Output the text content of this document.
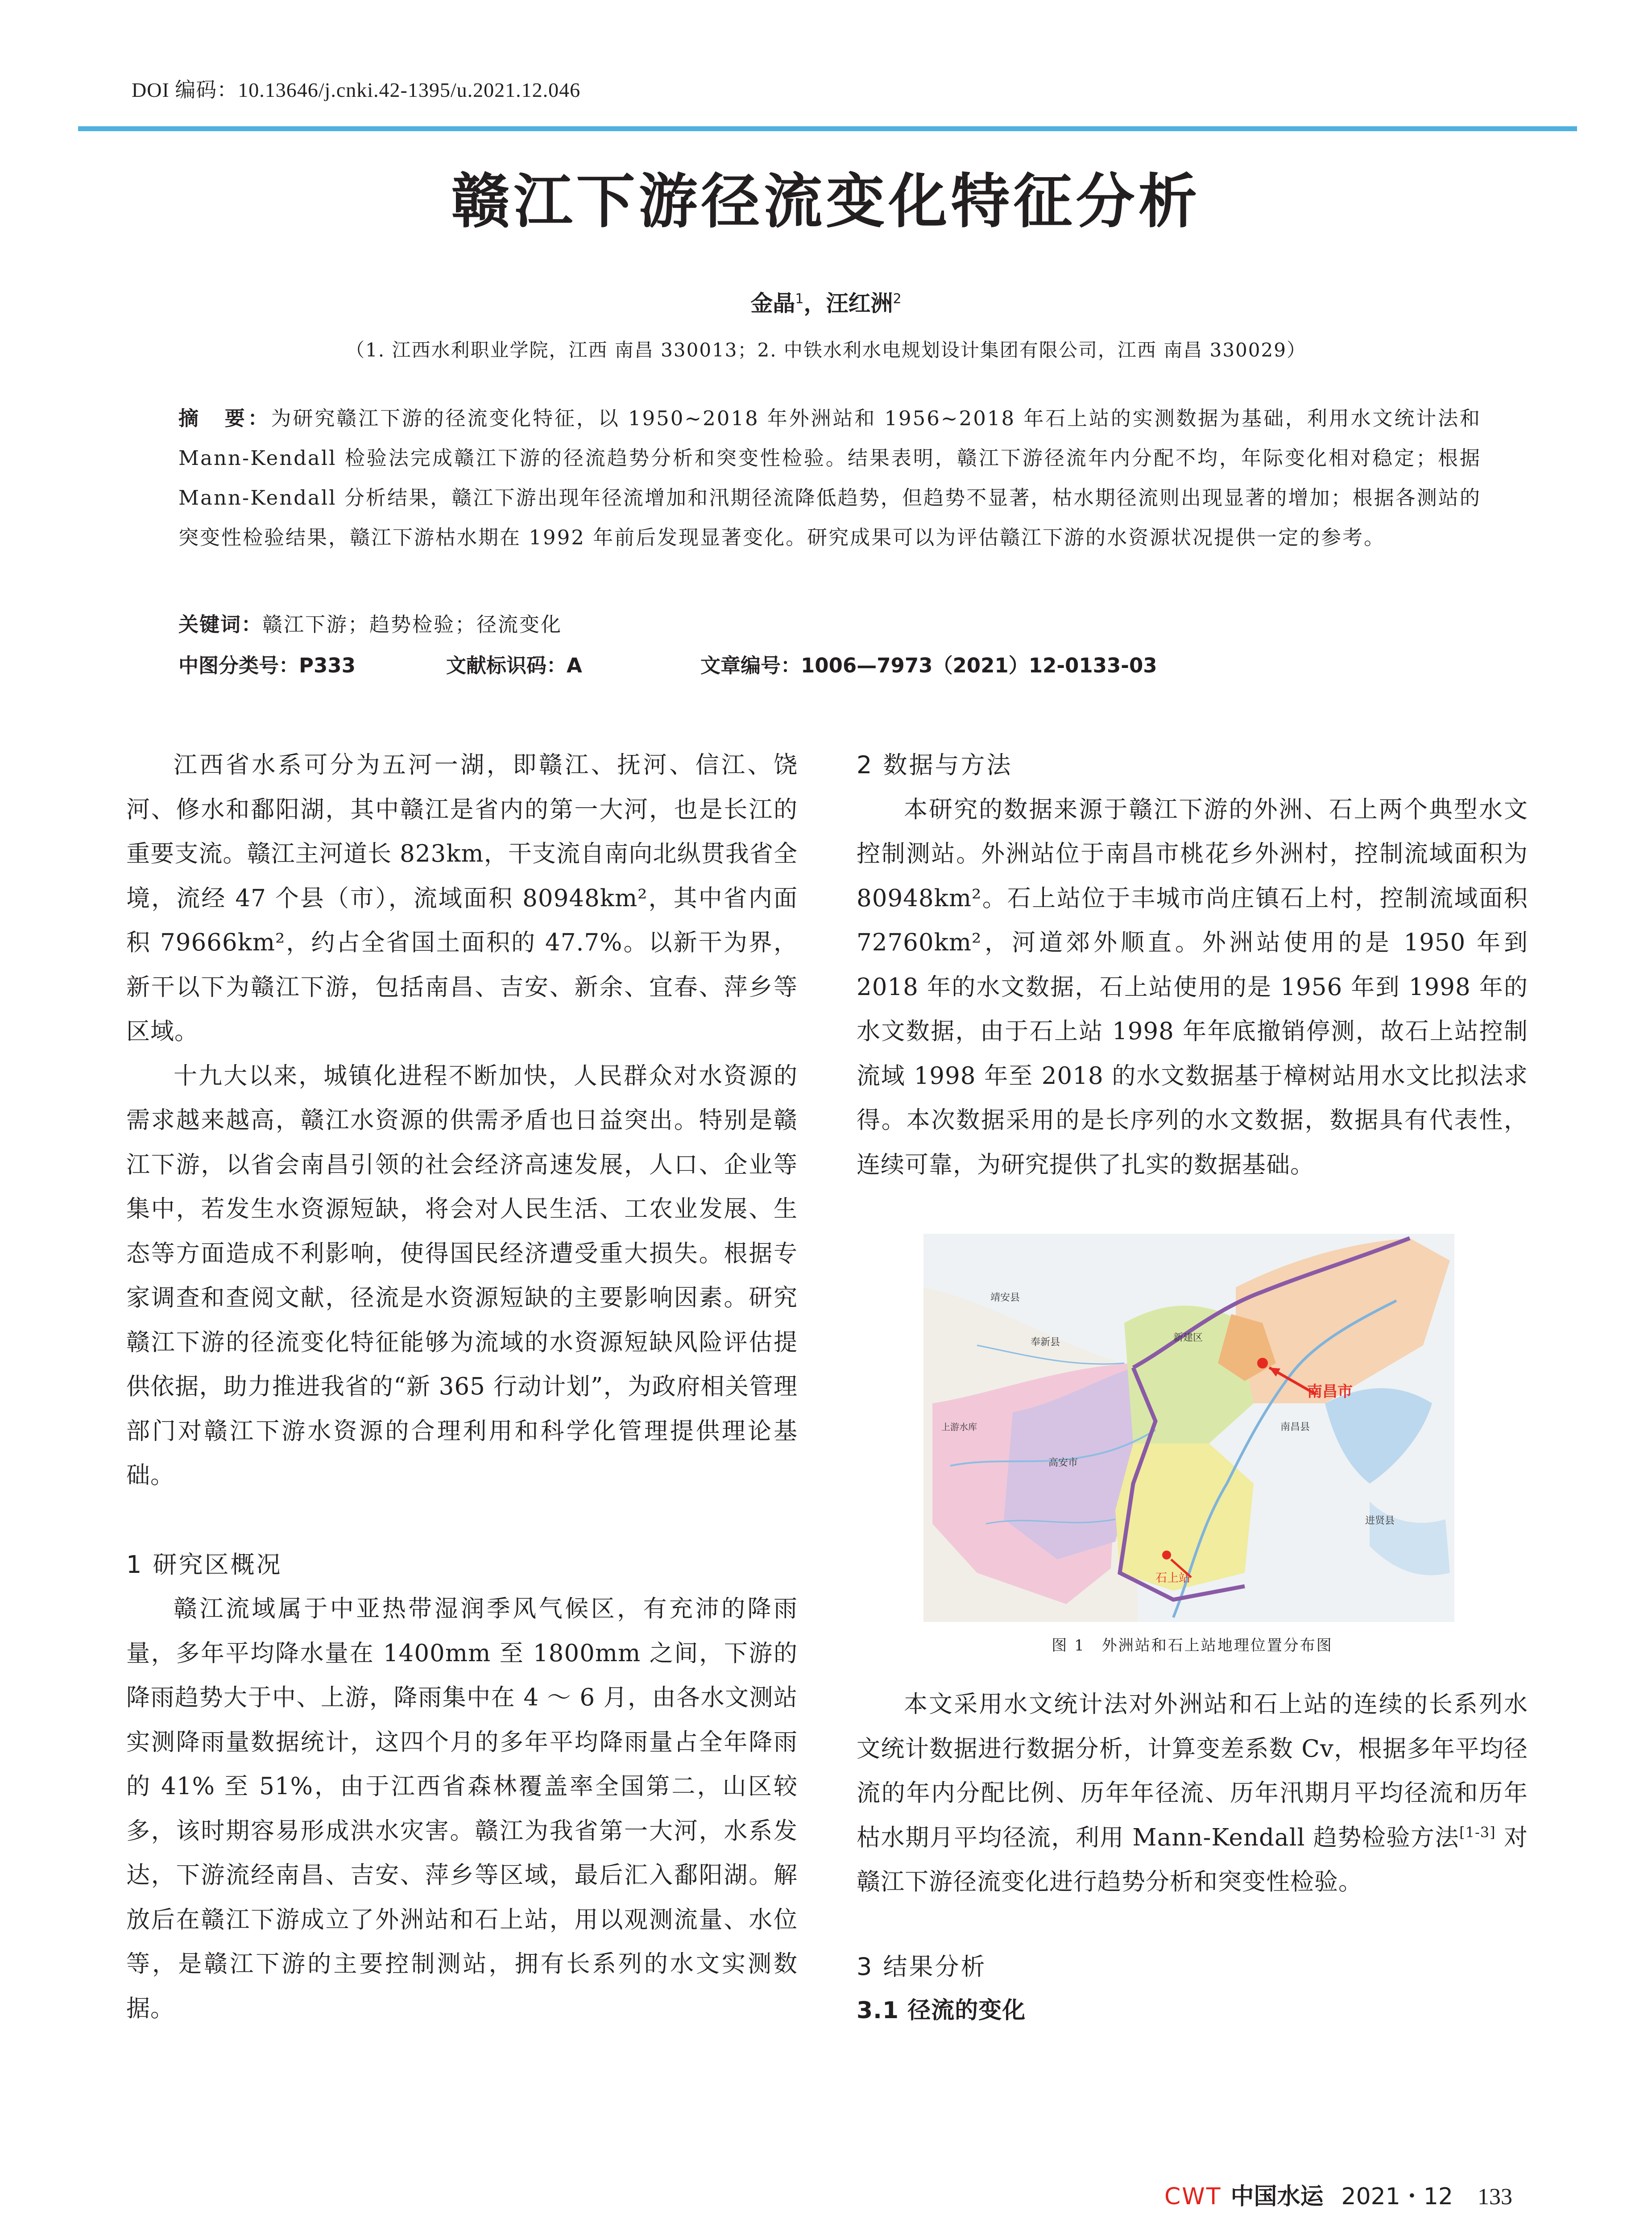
DOI 编码：10.13646/j.cnki.42-1395/u.2021.12.046
赣江下游径流变化特征分析
金晶$^1$，汪红洲$^2$
（1. 江西水利职业学院，江西 南昌 330013；2. 中铁水利水电规划设计集团有限公司，江西 南昌 330029）
摘　要：为研究赣江下游的径流变化特征，以 1950~2018 年外洲站和 1956~2018 年石上站的实测数据为基础，利用水文统计法和 Mann-Kendall 检验法完成赣江下游的径流趋势分析和突变性检验。结果表明，赣江下游径流年内分配不均，年际变化相对稳定；根据 Mann-Kendall 分析结果，赣江下游出现年径流增加和汛期径流降低趋势，但趋势不显著，枯水期径流则出现显著的增加；根据各测站的突变性检验结果，赣江下游枯水期在 1992 年前后发现显著变化。研究成果可以为评估赣江下游的水资源状况提供一定的参考。
关键词：赣江下游；趋势检验；径流变化
中图分类号：P333	文献标识码：A	文章编号：1006—7973（2021）12-0133-03

江西省水系可分为五河一湖，即赣江、抚河、信江、饶河、修水和鄱阳湖，其中赣江是省内的第一大河，也是长江的重要支流。赣江主河道长 823km，干支流自南向北纵贯我省全境，流经 47 个县（市），流域面积 80948km²，其中省内面积 79666km²，约占全省国土面积的 47.7%。以新干为界，新干以下为赣江下游，包括南昌、吉安、新余、宜春、萍乡等区域。

十九大以来，城镇化进程不断加快，人民群众对水资源的需求越来越高，赣江水资源的供需矛盾也日益突出。特别是赣江下游，以省会南昌引领的社会经济高速发展，人口、企业等集中，若发生水资源短缺，将会对人民生活、工农业发展、生态等方面造成不利影响，使得国民经济遭受重大损失。根据专家调查和查阅文献，径流是水资源短缺的主要影响因素。研究赣江下游的径流变化特征能够为流域的水资源短缺风险评估提供依据，助力推进我省的“新 365 行动计划”，为政府相关管理部门对赣江下游水资源的合理利用和科学化管理提供理论基础。

1 研究区概况

赣江流域属于中亚热带湿润季风气候区，有充沛的降雨量，多年平均降水量在 1400mm 至 1800mm 之间，下游的降雨趋势大于中、上游，降雨集中在 4 ～ 6 月，由各水文测站实测降雨量数据统计，这四个月的多年平均降雨量占全年降雨的 41% 至 51%，由于江西省森林覆盖率全国第二，山区较多，该时期容易形成洪水灾害。赣江为我省第一大河，水系发达，下游流经南昌、吉安、萍乡等区域，最后汇入鄱阳湖。解放后在赣江下游成立了外洲站和石上站，用以观测流量、水位等，是赣江下游的主要控制测站，拥有长系列的水文实测数据。

2 数据与方法

本研究的数据来源于赣江下游的外洲、石上两个典型水文控制测站。外洲站位于南昌市桃花乡外洲村，控制流域面积为 80948km²。石上站位于丰城市尚庄镇石上村，控制流域面积 72760km²，河道郊外顺直。外洲站使用的是 1950 年到 2018 年的水文数据，石上站使用的是 1956 年到 1998 年的水文数据，由于石上站 1998 年年底撤销停测，故石上站控制流域 1998 年至 2018 的水文数据基于樟树站用水文比拟法求得。本次数据采用的是长序列的水文数据，数据具有代表性，连续可靠，为研究提供了扎实的数据基础。

本文采用水文统计法对外洲站和石上站的连续的长系列水文统计数据进行数据分析，计算变差系数 Cv，根据多年平均径流的年内分配比例、历年年径流、历年汛期月平均径流和历年枯水期月平均径流，利用 Mann-Kendall 趋势检验方法[1-3] 对赣江下游径流变化进行趋势分析和突变性检验。

3 结果分析

3.1 径流的变化

南昌市
石上站
新建区
南昌县
进贤县
高安市
靖安县
奉新县
上游水库
图 1　外洲站和石上站地理位置分布图
CWT 中国水运 2021・12 133
